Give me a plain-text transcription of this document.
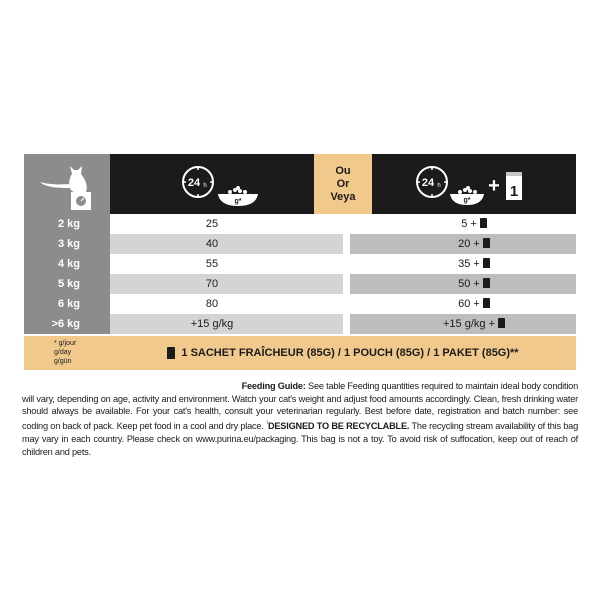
24 h
g*
Ou
Or
Veya
24 h
g*
+ 1
2 kg	25	5 +
3 kg	40	20 +
4 kg	55	35 +
5 kg	70	50 +
6 kg	80	60 +
>6 kg	+15 g/kg	+15 g/kg +
* g/jour
g/day
g/gün
1 SACHET FRAÎCHEUR (85G) / 1 POUCH (85G) / 1 PAKET (85G)**
Feeding Guide: See table Feeding quantities required to maintain ideal body condition
will vary, depending on age, activity and environment. Watch your cat's weight and adjust food amounts accordingly. Clean, fresh drinking water should always be available. For your cat's health, consult your veterinarian regularly. Best before date, registration and batch number: see coding on back of pack. Keep pet food in a cool and dry place. $^{^1}$DESIGNED TO BE RECYCLABLE. The recycling stream availability of this bag may vary in each country. Please check on www.purina.eu/packaging. This bag is not a toy. To avoid risk of suffocation, keep out of reach of children and pets.
